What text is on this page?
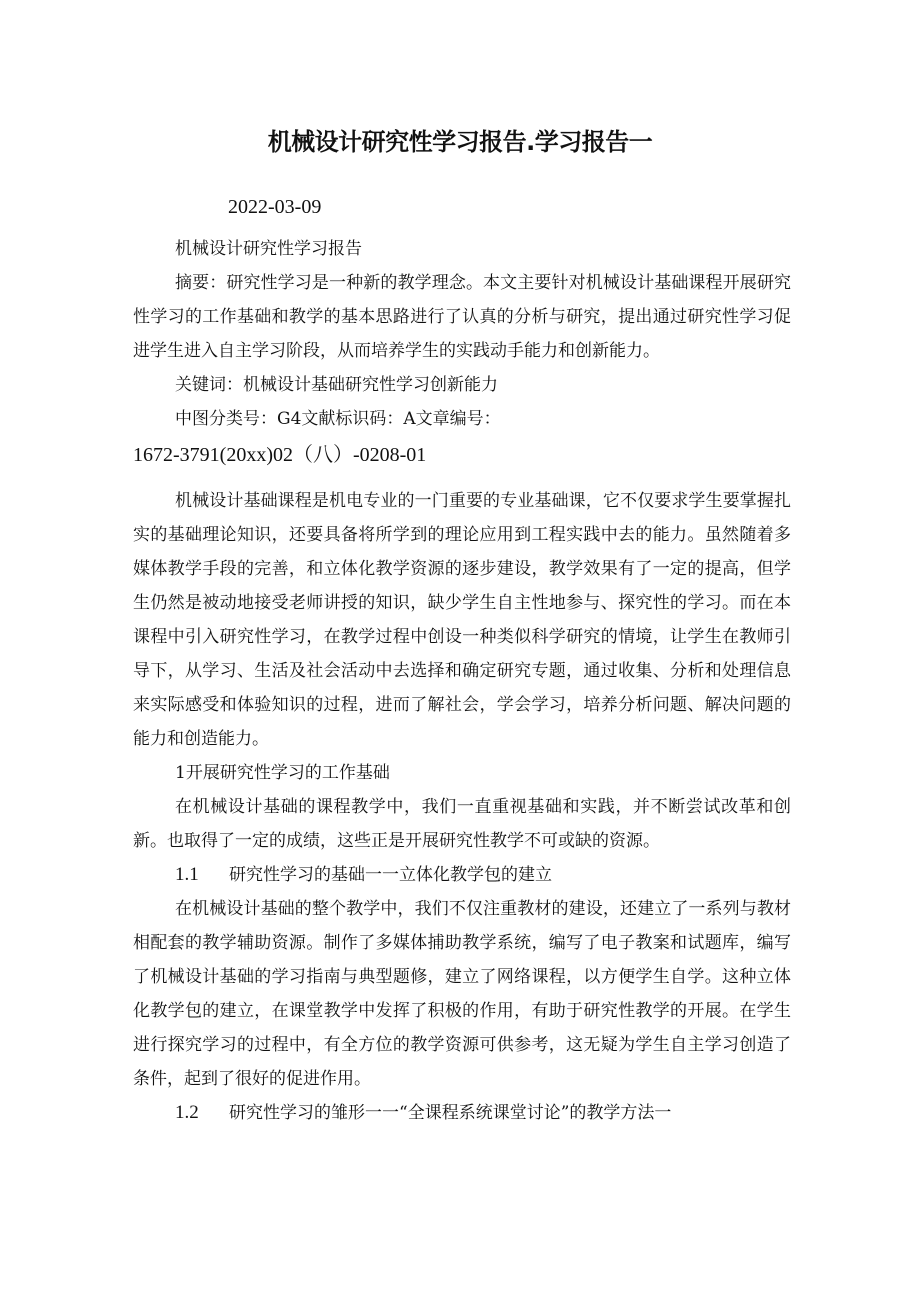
机械设计研究性学习报告.学习报告一
2022-03-09

机械设计研究性学习报告

摘要：研究性学习是一种新的教学理念。本文主要针对机械设计基础课程开展研究性学习的工作基础和教学的基本思路进行了认真的分析与研究，提出通过研究性学习促进学生进入自主学习阶段，从而培养学生的实践动手能力和创新能力。

关键词：机械设计基础研究性学习创新能力

中图分类号：G4文献标识码：A文章编号：

1672-3791(20xx)02（八）-0208-01

机械设计基础课程是机电专业的一门重要的专业基础课，它不仅要求学生要掌握扎实的基础理论知识，还要具备将所学到的理论应用到工程实践中去的能力。虽然随着多媒体教学手段的完善，和立体化教学资源的逐步建设，教学效果有了一定的提高，但学生仍然是被动地接受老师讲授的知识，缺少学生自主性地参与、探究性的学习。而在本课程中引入研究性学习，在教学过程中创设一种类似科学研究的情境，让学生在教师引导下，从学习、生活及社会活动中去选择和确定研究专题，通过收集、分析和处理信息来实际感受和体验知识的过程，进而了解社会，学会学习，培养分析问题、解决问题的能力和创造能力。

1开展研究性学习的工作基础

在机械设计基础的课程教学中，我们一直重视基础和实践，并不断尝试改革和创新。也取得了一定的成绩，这些正是开展研究性教学不可或缺的资源。

1.1 研究性学习的基础一一立体化教学包的建立

在机械设计基础的整个教学中，我们不仅注重教材的建设，还建立了一系列与教材相配套的教学辅助资源。制作了多媒体捕助教学系统，编写了电子教案和试题库，编写了机械设计基础的学习指南与典型题修，建立了网络课程，以方便学生自学。这种立体化教学包的建立，在课堂教学中发挥了积极的作用，有助于研究性教学的开展。在学生进行探究学习的过程中，有全方位的教学资源可供参考，这无疑为学生自主学习创造了条件，起到了很好的促进作用。

1.2 研究性学习的雏形一一“全课程系统课堂讨论”的教学方法一
